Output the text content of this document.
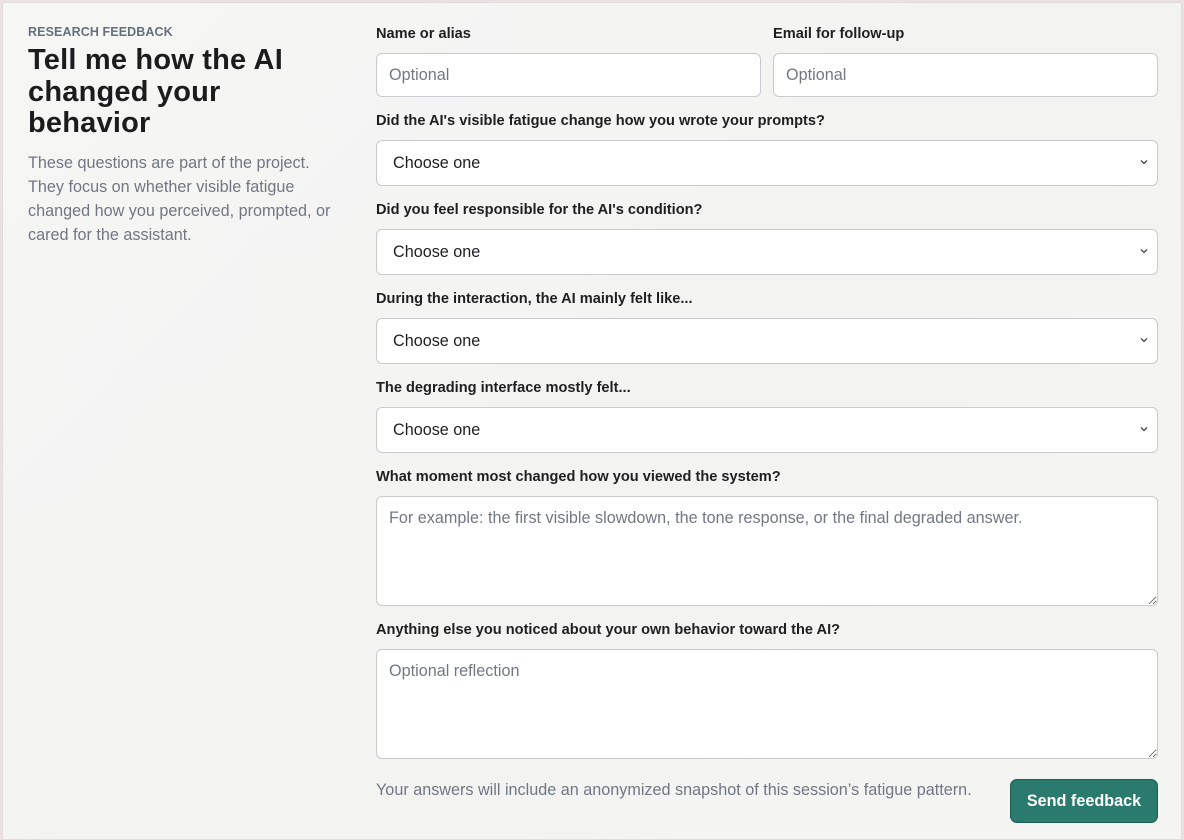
RESEARCH FEEDBACK
Tell me how the AI changed your behavior

These questions are part of the project. They focus on whether visible fatigue changed how you perceived, prompted, or cared for the assistant.

Name or alias
Optional	Email for follow-up
Optional
Did the AI's visible fatigue change how you wrote your prompts?
Choose one
Did you feel responsible for the AI's condition?
Choose one
During the interaction, the AI mainly felt like...
Choose one
The degrading interface mostly felt...
Choose one
What moment most changed how you viewed the system?
For example: the first visible slowdown, the tone response, or the final degraded answer.
Anything else you noticed about your own behavior toward the AI?
Optional reflection

Your answers will include an anonymized snapshot of this session’s fatigue pattern.

Send feedback
